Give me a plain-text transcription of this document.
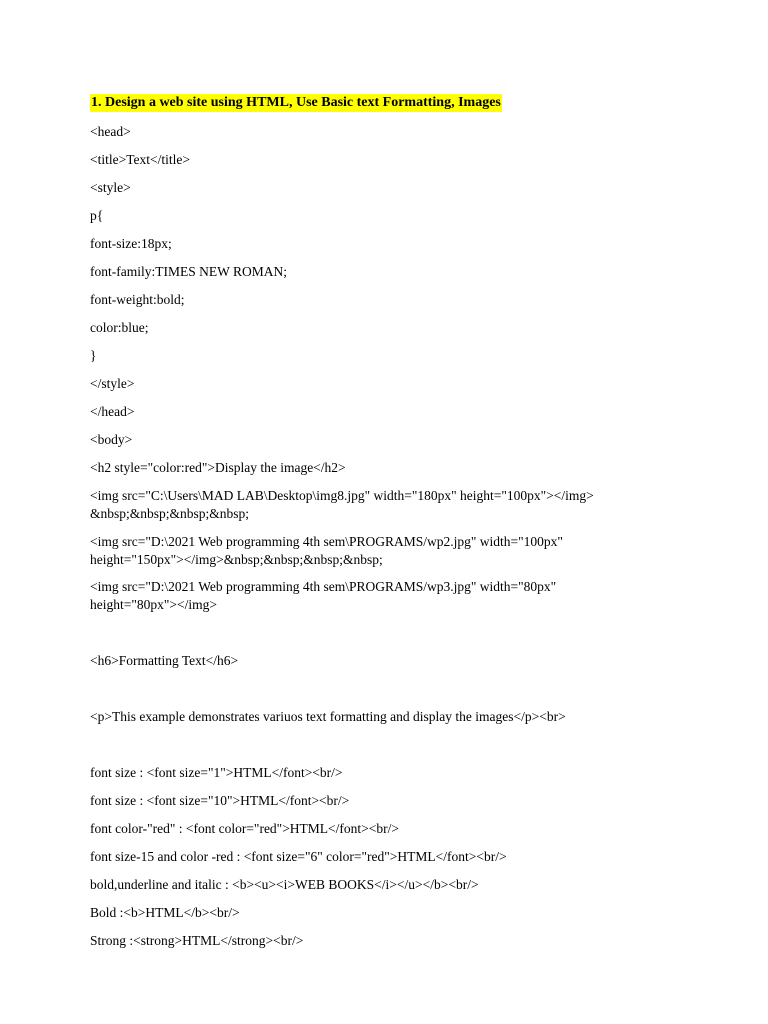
1. Design a web site using HTML, Use Basic text Formatting, Images

<head>

<title>Text</title>

<style>

p{

font-size:18px;

font-family:TIMES NEW ROMAN;

font-weight:bold;

color:blue;

}

</style>

</head>

<body>

<h2 style="color:red">Display the image</h2>

<img src="C:\Users\MAD LAB\Desktop\img8.jpg" width="180px" height="100px"></img>

&nbsp;&nbsp;&nbsp;&nbsp;

<img src="D:\2021 Web programming 4th sem\PROGRAMS/wp2.jpg" width="100px"

height="150px"></img>&nbsp;&nbsp;&nbsp;&nbsp;

<img src="D:\2021 Web programming 4th sem\PROGRAMS/wp3.jpg" width="80px"

height="80px"></img>

<h6>Formatting Text</h6>

<p>This example demonstrates variuos text formatting and display the images</p><br>

font size : <font size="1">HTML</font><br/>

font size : <font size="10">HTML</font><br/>

font color-"red" : <font color="red">HTML</font><br/>

font size-15 and color -red : <font size="6" color="red">HTML</font><br/>

bold,underline and italic : <b><u><i>WEB BOOKS</i></u></b><br/>

Bold :<b>HTML</b><br/>

Strong :<strong>HTML</strong><br/>
